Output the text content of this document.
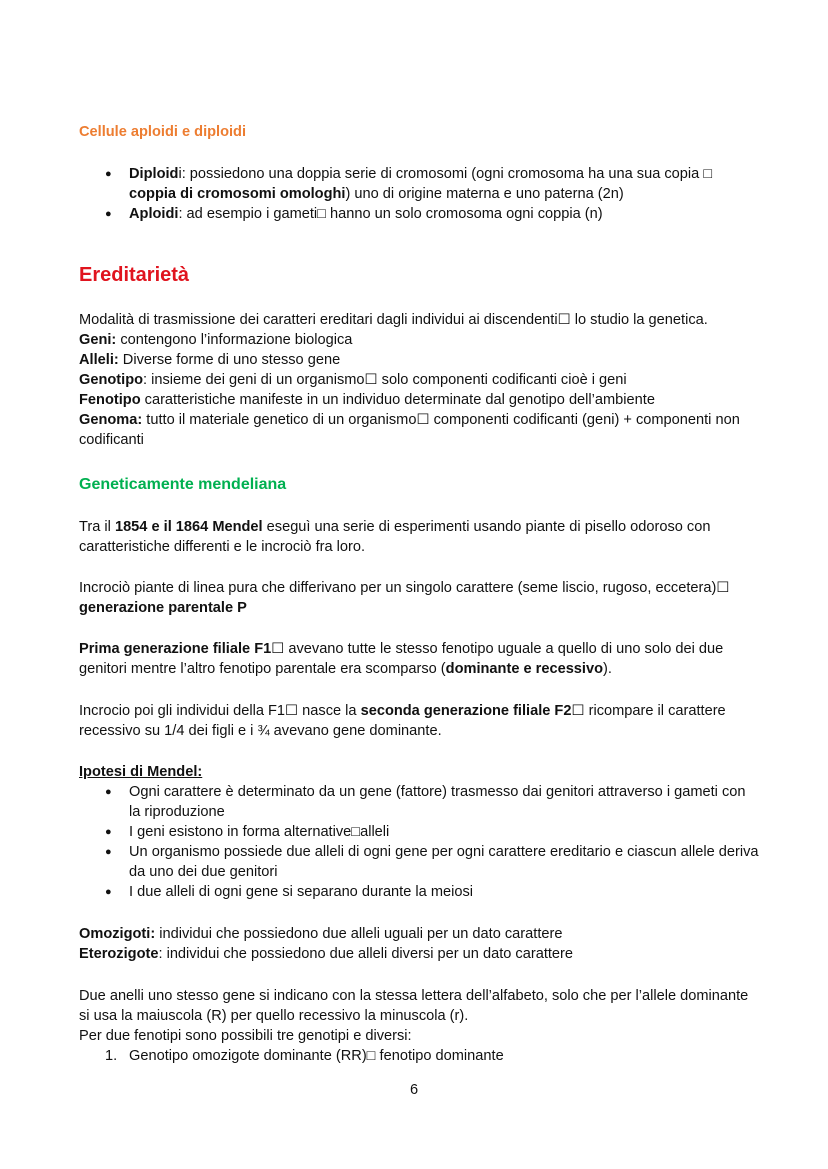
Cellule aploidi e diploidi

● Diploidi: possiedono una doppia serie di cromosomi (ogni cromosoma ha una sua copia □ coppia di cromosomi omologhi) uno di origine materna e uno paterna (2n)
● Aploidi: ad esempio i gameti□ hanno un solo cromosoma ogni coppia (n)

Ereditarietà

Modalità di trasmissione dei caratteri ereditari dagli individui ai discendenti☐ lo studio la genetica.

Geni: contengono l’informazione biologica

Alleli: Diverse forme di uno stesso gene

Genotipo: insieme dei geni di un organismo☐ solo componenti codificanti cioè i geni

Fenotipo caratteristiche manifeste in un individuo determinate dal genotipo dell’ambiente

Genoma: tutto il materiale genetico di un organismo☐ componenti codificanti (geni) + componenti non codificanti

Geneticamente mendeliana

Tra il 1854 e il 1864 Mendel eseguì una serie di esperimenti usando piante di pisello odoroso con caratteristiche differenti e le incrociò fra loro.

Incrociò piante di linea pura che differivano per un singolo carattere (seme liscio, rugoso, eccetera)☐ generazione parentale P

Prima generazione filiale F1☐ avevano tutte le stesso fenotipo uguale a quello di uno solo dei due genitori mentre l’altro fenotipo parentale era scomparso (dominante e recessivo).

Incrocio poi gli individui della F1☐ nasce la seconda generazione filiale F2☐ ricompare il carattere recessivo su 1/4 dei figli e i ¾ avevano gene dominante.

Ipotesi di Mendel:

● Ogni carattere è determinato da un gene (fattore) trasmesso dai genitori attraverso i gameti con la riproduzione
● I geni esistono in forma alternative□alleli
● Un organismo possiede due alleli di ogni gene per ogni carattere ereditario e ciascun allele deriva da uno dei due genitori
● I due alleli di ogni gene si separano durante la meiosi

Omozigoti: individui che possiedono due alleli uguali per un dato carattere

Eterozigote: individui che possiedono due alleli diversi per un dato carattere

Due anelli uno stesso gene si indicano con la stessa lettera dell’alfabeto, solo che per l’allele dominante si usa la maiuscola (R) per quello recessivo la minuscola (r).

Per due fenotipi sono possibili tre genotipi e diversi:

1. Genotipo omozigote dominante (RR)□ fenotipo dominante
6
